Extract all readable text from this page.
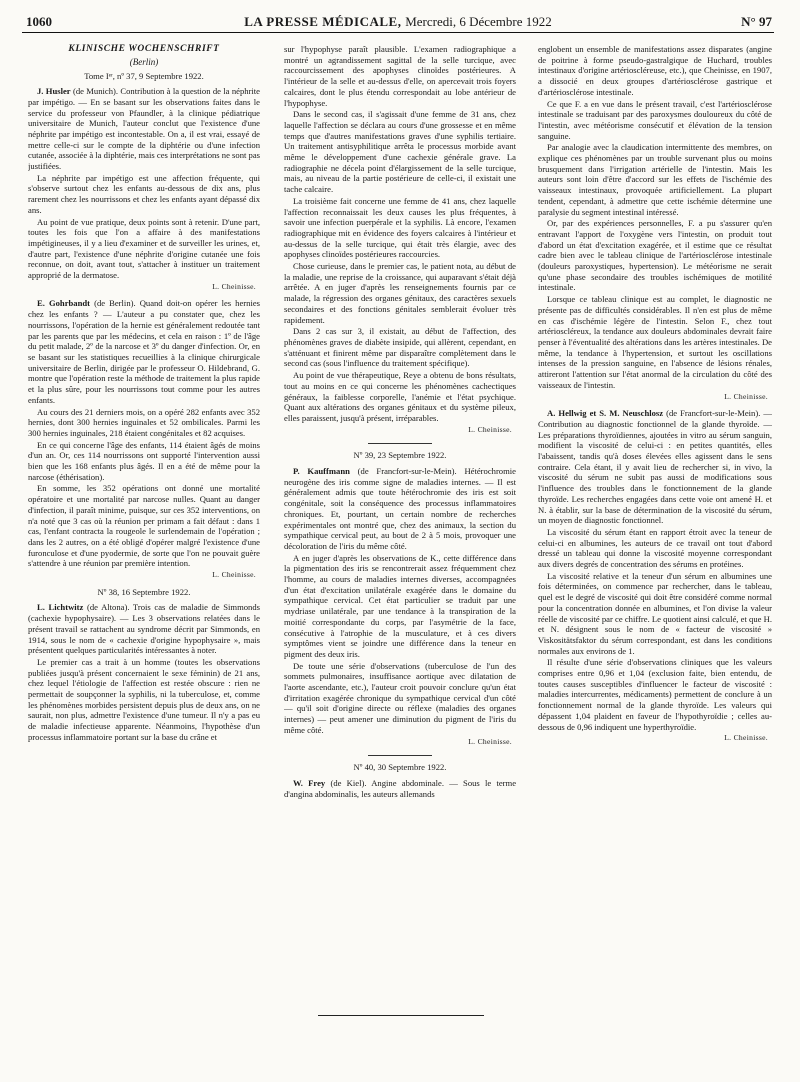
1060	LA PRESSE MÉDICALE, Mercredi, 6 Décembre 1922	N° 97
KLINISCHE WOCHENSCHRIFT
(Berlin)
Tome Iᵉʳ, nº 37, 9 Septembre 1922.

J. Husler (de Munich). Contribution à la question de la néphrite par impétigo. — En se basant sur les observations faites dans le service du professeur von Pfaundler, à la clinique pédiatrique universitaire de Munich, l'auteur conclut que l'existence d'une néphrite par impétigo est incontestable. On a, il est vrai, essayé de mettre celle-ci sur le compte de la diphtérie ou d'une infection cutanée, associée à la diphtérie, mais ces interprétations ne sont pas justifiées.

La néphrite par impétigo est une affection fréquente, qui s'observe surtout chez les enfants au-dessous de dix ans, plus rarement chez les nourrissons et chez les enfants ayant dépassé dix ans.

Au point de vue pratique, deux points sont à retenir. D'une part, toutes les fois que l'on a affaire à des manifestations impétigineuses, il y a lieu d'examiner et de surveiller les urines, et, d'autre part, l'existence d'une néphrite d'origine cutanée une fois reconnue, on doit, avant tout, s'attacher à instituer un traitement approprié de la dermatose.

L. Cheinisse.

E. Gohrbandt (de Berlin). Quand doit-on opérer les hernies chez les enfants ? — L'auteur a pu constater que, chez les nourrissons, l'opération de la hernie est généralement redoutée tant par les parents que par les médecins, et cela en raison : 1º de l'âge du petit malade, 2º de la narcose et 3º du danger d'infection. Or, en se basant sur les statistiques recueillies à la clinique chirurgicale universitaire de Berlin, dirigée par le professeur O. Hildebrand, G. montre que l'opération reste la méthode de traitement la plus rapide et la plus sûre, pour les nourrissons tout comme pour les autres enfants.

Au cours des 21 derniers mois, on a opéré 282 enfants avec 352 hernies, dont 300 hernies inguinales et 52 ombilicales. Parmi les 300 hernies inguinales, 218 étaient congénitales et 82 acquises.

En ce qui concerne l'âge des enfants, 114 étaient âgés de moins d'un an. Or, ces 114 nourrissons ont supporté l'intervention aussi bien que les 168 enfants plus âgés. Il en a été de même pour la narcose (éthérisation).

En somme, les 352 opérations ont donné une mortalité opératoire et une mortalité par narcose nulles. Quant au danger d'infection, il paraît minime, puisque, sur ces 352 interventions, on n'a noté que 3 cas où la réunion per primam a fait défaut : dans 1 cas, l'enfant contracta la rougeole le surlendemain de l'opération ; dans les 2 autres, on a été obligé d'opérer malgré l'existence d'une furonculose et d'une pyodermie, de sorte que l'on ne pouvait guère s'attendre à une réunion par première intention.

L. Cheinisse.
Nº 38, 16 Septembre 1922.

L. Lichtwitz (de Altona). Trois cas de maladie de Simmonds (cachexie hypophysaire). — Les 3 observations relatées dans le présent travail se rattachent au syndrome décrit par Simmonds, en 1914, sous le nom de « cachexie d'origine hypophysaire », mais présentent quelques particularités intéressantes à noter.

Le premier cas a trait à un homme (toutes les observations publiées jusqu'à présent concernaient le sexe féminin) de 21 ans, chez lequel l'étiologie de l'affection est restée obscure : rien ne permettait de soupçonner la syphilis, ni la tuberculose, et, comme les phénomènes morbides persistent depuis plus de deux ans, on ne saurait, non plus, admettre l'existence d'une tumeur. Il n'y a pas eu de maladie infectieuse apparente. Néanmoins, l'hypothèse d'un processus inflammatoire portant sur la base du crâne et

sur l'hypophyse paraît plausible. L'examen radiographique a montré un agrandissement sagittal de la selle turcique, avec raccourcissement des apophyses clinoïdes postérieures. A l'intérieur de la selle et au-dessus d'elle, on apercevait trois foyers calcaires, dont le plus étendu correspondait au lobe antérieur de l'hypophyse.

Dans le second cas, il s'agissait d'une femme de 31 ans, chez laquelle l'affection se déclara au cours d'une grossesse et en même temps que d'autres manifestations graves d'une syphilis tertiaire. Un traitement antisyphilitique arrêta le processus morbide avant même le développement d'une cachexie générale grave. La radiographie ne décela point d'élargissement de la selle turcique, mais, au niveau de la partie postérieure de celle-ci, il existait une tache calcaire.

La troisième fait concerne une femme de 41 ans, chez laquelle l'affection reconnaissait les deux causes les plus fréquentes, à savoir une infection puerpérale et la syphilis. Là encore, l'examen radiographique mit en évidence des foyers calcaires à l'intérieur et au-dessus de la selle turcique, qui était très élargie, avec des apophyses clinoïdes postérieures raccourcies.

Chose curieuse, dans le premier cas, le patient nota, au début de la maladie, une reprise de la croissance, qui auparavant s'était déjà arrêtée. A en juger d'après les renseignements fournis par ce malade, la régression des organes génitaux, des caractères sexuels secondaires et des fonctions génitales semblerait évoluer très rapidement.

Dans 2 cas sur 3, il existait, au début de l'affection, des phénomènes graves de diabète insipide, qui allèrent, cependant, en s'atténuant et finirent même par disparaître complètement dans le second cas (sous l'influence du traitement spécifique).

Au point de vue thérapeutique, Reye a obtenu de bons résultats, tout au moins en ce qui concerne les phénomènes cachectiques généraux, la faiblesse corporelle, l'anémie et l'état psychique. Quant aux altérations des organes génitaux et du système pileux, elles paraissent, jusqu'à présent, irréparables.

L. Cheinisse.
Nº 39, 23 Septembre 1922.

P. Kauffmann (de Francfort-sur-le-Mein). Hétérochromie neurogène des iris comme signe de maladies internes. — Il est généralement admis que toute hétérochromie des iris est soit congénitale, soit la conséquence des processus inflammatoires chroniques. Et, pourtant, un certain nombre de recherches expérimentales ont montré que, chez des animaux, la section du sympathique cervical peut, au bout de 2 à 5 mois, provoquer une décoloration de l'iris du même côté.

A en juger d'après les observations de K., cette différence dans la pigmentation des iris se rencontrerait assez fréquemment chez l'homme, au cours de maladies internes diverses, accompagnées d'un état d'excitation unilatérale exagérée dans le domaine du sympathique cervical. Cet état particulier se traduit par une mydriase unilatérale, par une tendance à la transpiration de la moitié correspondante du corps, par l'asymétrie de la face, consécutive à l'atrophie de la musculature, et à ces divers symptômes vient se joindre une différence dans la teneur en pigment des deux iris.

De toute une série d'observations (tuberculose de l'un des sommets pulmonaires, insuffisance aortique avec dilatation de l'aorte ascendante, etc.), l'auteur croit pouvoir conclure qu'un état d'irritation exagérée chronique du sympathique cervical d'un côté — qu'il soit d'origine directe ou réflexe (maladies des organes internes) — peut amener une diminution du pigment de l'iris du même côté.

L. Cheinisse.
Nº 40, 30 Septembre 1922.

W. Frey (de Kiel). Angine abdominale. — Sous le terme d'angina abdominalis, les auteurs allemands

englobent un ensemble de manifestations assez disparates (angine de poitrine à forme pseudo-gastralgique de Huchard, troubles intestinaux d'origine artérioscléreuse, etc.), que Cheinisse, en 1907, a dissocié en deux groupes d'artériosclérose gastrique et d'artériosclérose intestinale.

Ce que F. a en vue dans le présent travail, c'est l'artériosclérose intestinale se traduisant par des paroxysmes douloureux du côté de l'intestin, avec météorisme consécutif et élévation de la tension sanguine.

Par analogie avec la claudication intermittente des membres, on explique ces phénomènes par un trouble survenant plus ou moins brusquement dans l'irrigation artérielle de l'intestin. Mais les auteurs sont loin d'être d'accord sur les effets de l'ischémie des vaisseaux intestinaux, provoquée artificiellement. La plupart tendent, cependant, à admettre que cette ischémie détermine une paralysie du segment intestinal intéressé.

Or, par des expériences personnelles, F. a pu s'assurer qu'en entravant l'apport de l'oxygène vers l'intestin, on produit tout d'abord un état d'excitation exagérée, et il estime que ce résultat cadre bien avec le tableau clinique de l'artériosclérose intestinale (douleurs paroxystiques, hypertension). Le météorisme ne serait qu'une phase secondaire des troubles ischémiques de motilité intestinale.

Lorsque ce tableau clinique est au complet, le diagnostic ne présente pas de difficultés considérables. Il n'en est plus de même en cas d'ischémie légère de l'intestin. Selon F., chez tout artérioscléreux, la tendance aux douleurs abdominales devrait faire penser à l'éventualité des altérations dans les artères intestinales. De même, la tendance à l'hypertension, et surtout les oscillations intenses de la pression sanguine, en l'absence de lésions rénales, attireront l'attention sur l'état anormal de la circulation du côté des vaisseaux de l'intestin.

L. Cheinisse.

A. Hellwig et S. M. Neuschlosz (de Francfort-sur-le-Mein). — Contribution au diagnostic fonctionnel de la glande thyroïde. — Les préparations thyroïdiennes, ajoutées in vitro au sérum sanguin, modifient la viscosité de celui-ci : en petites quantités, elles l'abaissent, tandis qu'à doses élevées elles agissent dans le sens contraire. Cela étant, il y avait lieu de rechercher si, in vivo, la viscosité du sérum ne subit pas aussi de modifications sous l'influence des troubles dans le fonctionnement de la glande thyroïde. Les recherches engagées dans cette voie ont amené H. et N. à établir, sur la base de détermination de la viscosité du sérum, un moyen de diagnostic fonctionnel.

La viscosité du sérum étant en rapport étroit avec la teneur de celui-ci en albumines, les auteurs de ce travail ont tout d'abord dressé un tableau qui donne la viscosité moyenne correspondant aux divers degrés de concentration des sérums en protéines.

La viscosité relative et la teneur d'un sérum en albumines une fois déterminées, on commence par rechercher, dans le tableau, quel est le degré de viscosité qui doit être considéré comme normal pour la concentration donnée en albumines, et l'on divise la valeur réelle de viscosité par ce chiffre. Le quotient ainsi calculé, et que H. et N. désignent sous le nom de « facteur de viscosité » Viskositätsfaktor du sérum correspondant, est dans les conditions normales aux environs de 1.

Il résulte d'une série d'observations cliniques que les valeurs comprises entre 0,96 et 1,04 (exclusion faite, bien entendu, de toutes causes susceptibles d'influencer le facteur de viscosité : maladies intercurrentes, médicaments) permettent de conclure à un fonctionnement normal de la glande thyroïde. Les valeurs qui dépassent 1,04 plaident en faveur de l'hypothyroïdie ; celles au-dessous de 0,96 indiquent une hyperthyroïdie.

L. Cheinisse.
